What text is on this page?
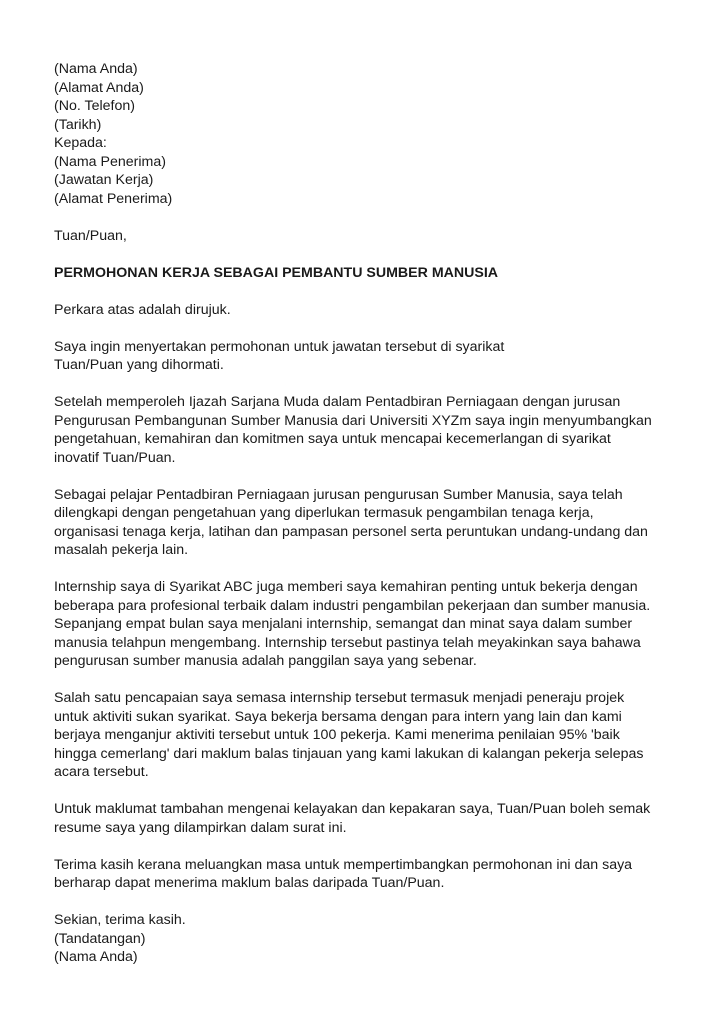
(Nama Anda)
(Alamat Anda)
(No. Telefon)
(Tarikh)
Kepada:
(Nama Penerima)
(Jawatan Kerja)
(Alamat Penerima)
Tuan/Puan,
PERMOHONAN KERJA SEBAGAI PEMBANTU SUMBER MANUSIA
Perkara atas adalah dirujuk.
Saya ingin menyertakan permohonan untuk jawatan tersebut di syarikat
Tuan/Puan yang dihormati.
Setelah memperoleh Ijazah Sarjana Muda dalam Pentadbiran Perniagaan dengan jurusan
Pengurusan Pembangunan Sumber Manusia dari Universiti XYZm saya ingin menyumbangkan
pengetahuan, kemahiran dan komitmen saya untuk mencapai kecemerlangan di syarikat
inovatif Tuan/Puan.
Sebagai pelajar Pentadbiran Perniagaan jurusan pengurusan Sumber Manusia, saya telah
dilengkapi dengan pengetahuan yang diperlukan termasuk pengambilan tenaga kerja,
organisasi tenaga kerja, latihan dan pampasan personel serta peruntukan undang-undang dan
masalah pekerja lain.
Internship saya di Syarikat ABC juga memberi saya kemahiran penting untuk bekerja dengan
beberapa para profesional terbaik dalam industri pengambilan pekerjaan dan sumber manusia.
Sepanjang empat bulan saya menjalani internship, semangat dan minat saya dalam sumber
manusia telahpun mengembang. Internship tersebut pastinya telah meyakinkan saya bahawa
pengurusan sumber manusia adalah panggilan saya yang sebenar.
Salah satu pencapaian saya semasa internship tersebut termasuk menjadi peneraju projek
untuk aktiviti sukan syarikat. Saya bekerja bersama dengan para intern yang lain dan kami
berjaya menganjur aktiviti tersebut untuk 100 pekerja. Kami menerima penilaian 95% 'baik
hingga cemerlang' dari maklum balas tinjauan yang kami lakukan di kalangan pekerja selepas
acara tersebut.
Untuk maklumat tambahan mengenai kelayakan dan kepakaran saya, Tuan/Puan boleh semak
resume saya yang dilampirkan dalam surat ini.
Terima kasih kerana meluangkan masa untuk mempertimbangkan permohonan ini dan saya
berharap dapat menerima maklum balas daripada Tuan/Puan.
Sekian, terima kasih.
(Tandatangan)
(Nama Anda)
